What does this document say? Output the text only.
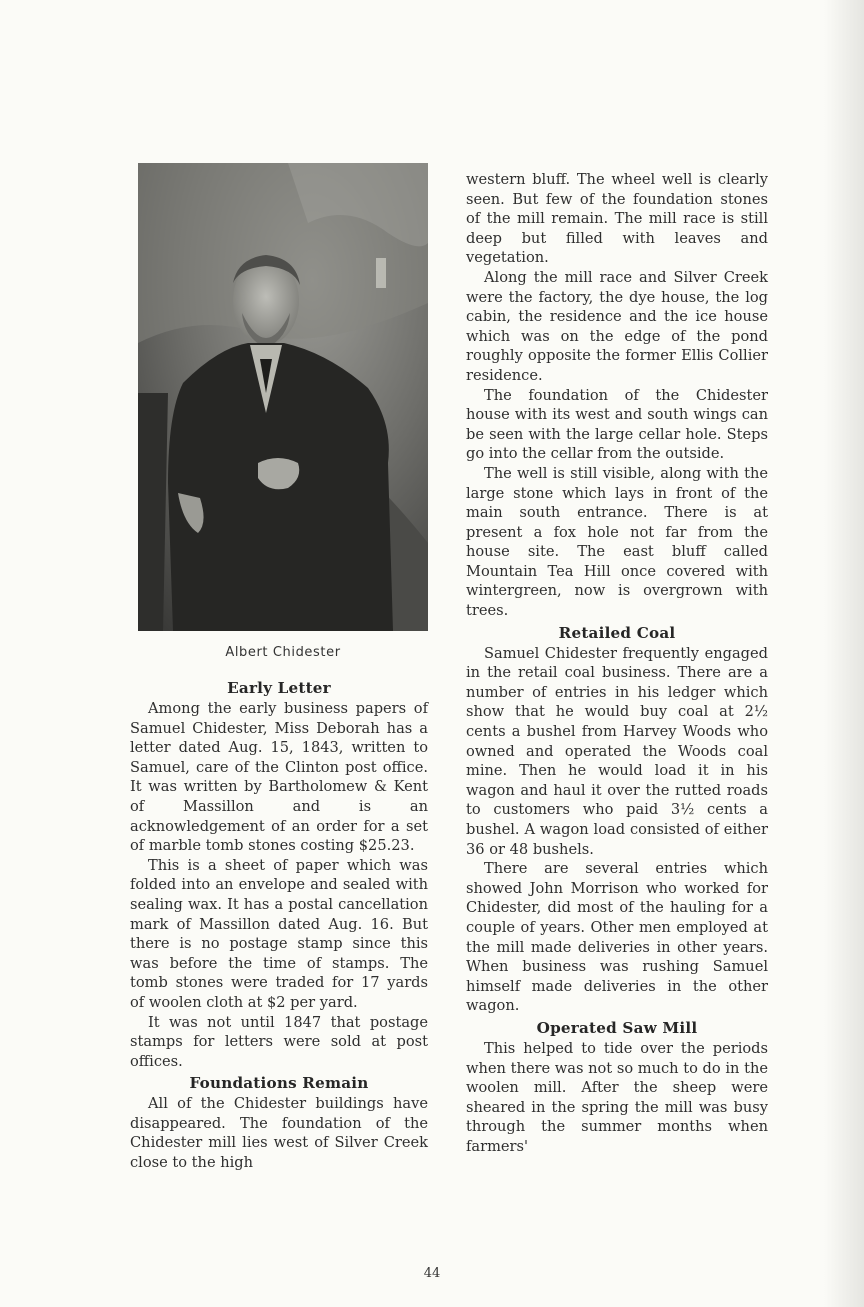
Albert Chidester
Early Letter

Among the early business papers of Samuel Chidester, Miss Deborah has a letter dated Aug. 15, 1843, written to Samuel, care of the Clinton post office. It was written by Bartholomew & Kent of Massillon and is an acknowledgement of an order for a set of marble tomb stones costing $25.23.

This is a sheet of paper which was folded into an envelope and sealed with sealing wax. It has a postal cancellation mark of Massillon dated Aug. 16. But there is no postage stamp since this was before the time of stamps. The tomb stones were traded for 17 yards of woolen cloth at $2 per yard.

It was not until 1847 that postage stamps for letters were sold at post offices.

Foundations Remain

All of the Chidester buildings have disappeared. The foundation of the Chidester mill lies west of Silver Creek close to the high

western bluff. The wheel well is clearly seen. But few of the foundation stones of the mill remain. The mill race is still deep but filled with leaves and vegetation.

Along the mill race and Silver Creek were the factory, the dye house, the log cabin, the residence and the ice house which was on the edge of the pond roughly opposite the former Ellis Collier residence.

The foundation of the Chidester house with its west and south wings can be seen with the large cellar hole. Steps go into the cellar from the outside.

The well is still visible, along with the large stone which lays in front of the main south entrance. There is at present a fox hole not far from the house site. The east bluff called Mountain Tea Hill once covered with wintergreen, now is overgrown with trees.

Retailed Coal

Samuel Chidester frequently engaged in the retail coal business. There are a number of entries in his ledger which show that he would buy coal at 2½ cents a bushel from Harvey Woods who owned and operated the Woods coal mine. Then he would load it in his wagon and haul it over the rutted roads to customers who paid 3½ cents a bushel. A wagon load consisted of either 36 or 48 bushels.

There are several entries which showed John Morrison who worked for Chidester, did most of the hauling for a couple of years. Other men employed at the mill made deliveries in other years. When business was rushing Samuel himself made deliveries in the other wagon.

Operated Saw Mill

This helped to tide over the periods when there was not so much to do in the woolen mill. After the sheep were sheared in the spring the mill was busy through the summer months when farmers'

44
